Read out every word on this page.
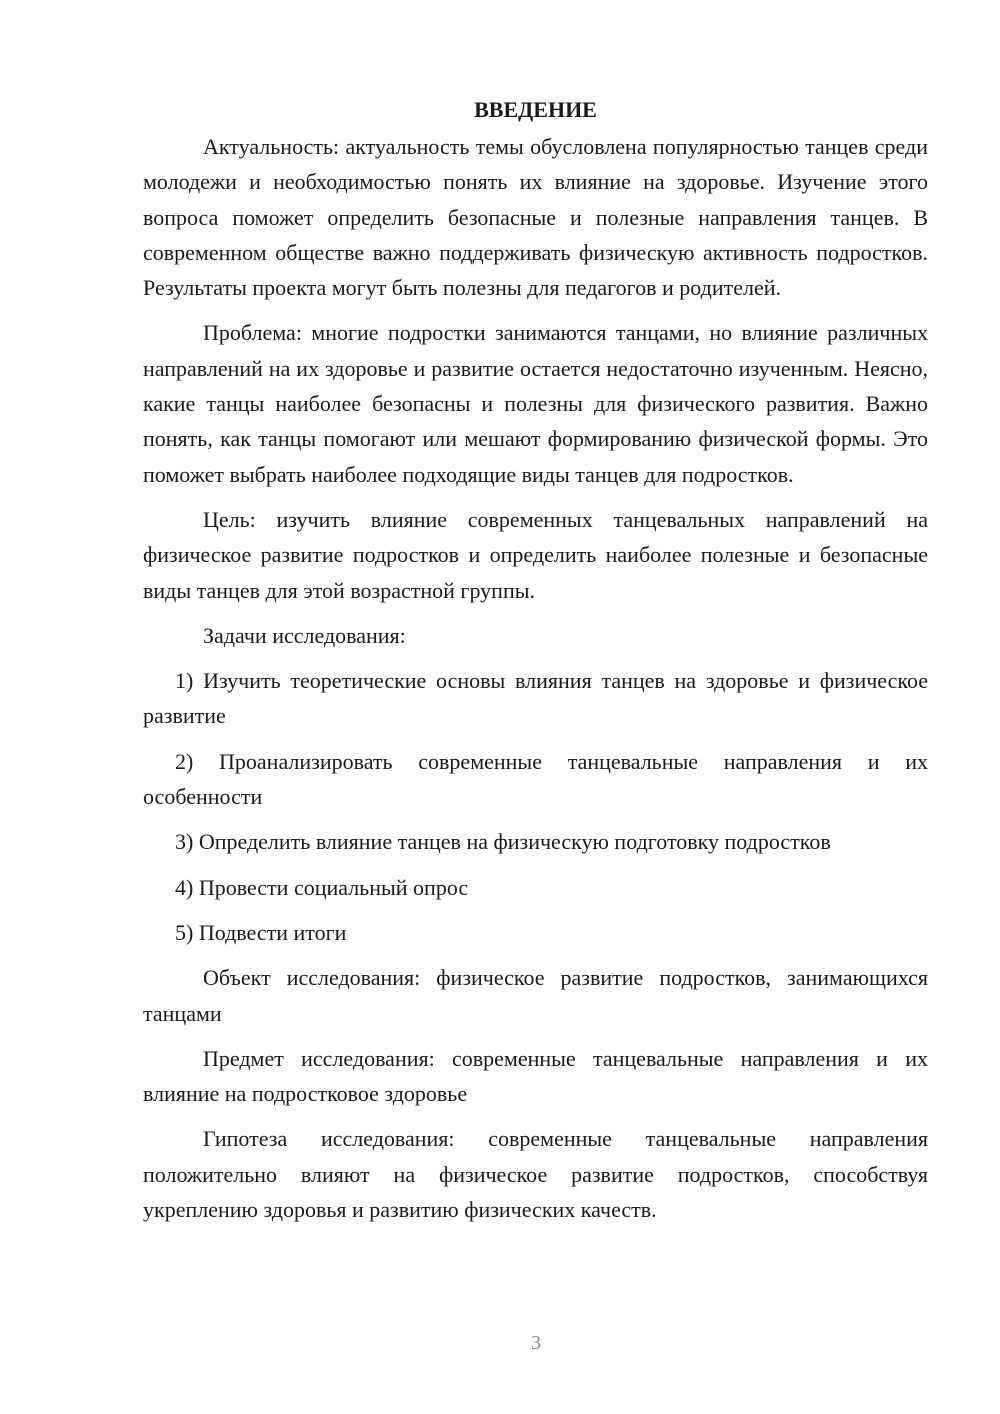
ВВЕДЕНИЕ

Актуальность: актуальность темы обусловлена популярностью танцев среди молодежи и необходимостью понять их влияние на здоровье. Изучение этого вопроса поможет определить безопасные и полезные направления танцев. В современном обществе важно поддерживать физическую активность подростков. Результаты проекта могут быть полезны для педагогов и родителей.

Проблема: многие подростки занимаются танцами, но влияние различных направлений на их здоровье и развитие остается недостаточно изученным. Неясно, какие танцы наиболее безопасны и полезны для физического развития. Важно понять, как танцы помогают или мешают формированию физической формы. Это поможет выбрать наиболее подходящие виды танцев для подростков.

Цель: изучить влияние современных танцевальных направлений на физическое развитие подростков и определить наиболее полезные и безопасные виды танцев для этой возрастной группы.

Задачи исследования:

1) Изучить теоретические основы влияния танцев на здоровье и физическое развитие

2) Проанализировать современные танцевальные направления и их особенности

3) Определить влияние танцев на физическую подготовку подростков

4) Провести социальный опрос

5) Подвести итоги

Объект исследования: физическое развитие подростков, занимающихся танцами

Предмет исследования: современные танцевальные направления и их влияние на подростковое здоровье

Гипотеза исследования: современные танцевальные направления положительно влияют на физическое развитие подростков, способствуя укреплению здоровья и развитию физических качеств.

3
